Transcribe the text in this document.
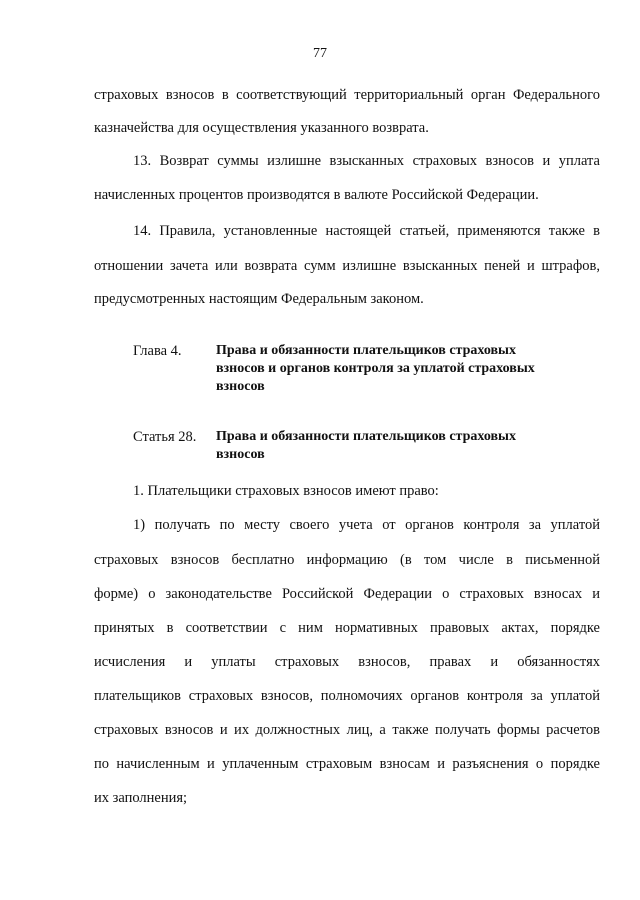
77
страховых взносов в соответствующий территориальный орган Федерального
казначейства для осуществления указанного возврата.
13. Возврат суммы излишне взысканных страховых взносов и уплата
начисленных процентов производятся в валюте Российской Федерации.
14. Правила, установленные настоящей статьей, применяются также в
отношении зачета или возврата сумм излишне взысканных пеней и штрафов,
предусмотренных настоящим Федеральным законом.
Глава 4. Права и обязанности плательщиков страховых
взносов и органов контроля за уплатой страховых
взносов
Статья 28. Права и обязанности плательщиков страховых
взносов
1. Плательщики страховых взносов имеют право:
1) получать по месту своего учета от органов контроля за уплатой
страховых взносов бесплатно информацию (в том числе в письменной
форме) о законодательстве Российской Федерации о страховых взносах и
принятых в соответствии с ним нормативных правовых актах, порядке
исчисления и уплаты страховых взносов, правах и обязанностях
плательщиков страховых взносов, полномочиях органов контроля за уплатой
страховых взносов и их должностных лиц, а также получать формы расчетов
по начисленным и уплаченным страховым взносам и разъяснения о порядке
их заполнения;
